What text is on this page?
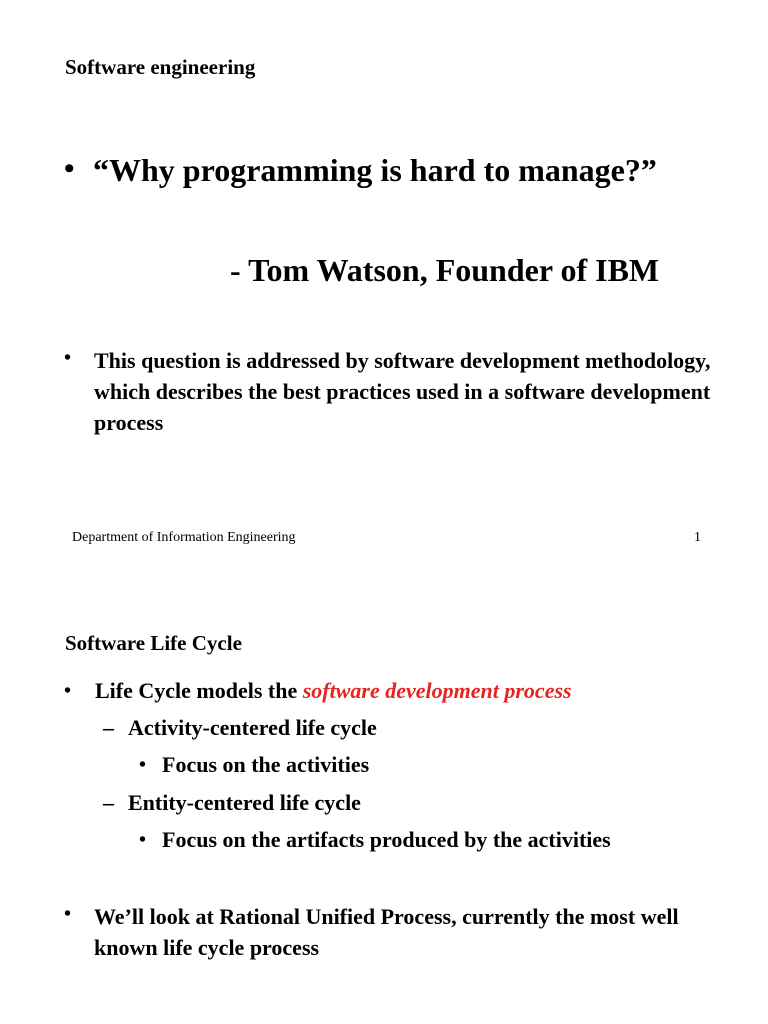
Software engineering
• “Why programming is hard to manage?”
- Tom Watson, Founder of IBM
• This question is addressed by software development methodology, which describes the best practices used in a software development process
Department of Information Engineering	1
Software Life Cycle
• Life Cycle models the software development process
– Activity-centered life cycle
• Focus on the activities
– Entity-centered life cycle
• Focus on the artifacts produced by the activities
• We’ll look at Rational Unified Process, currently the most well known life cycle process
